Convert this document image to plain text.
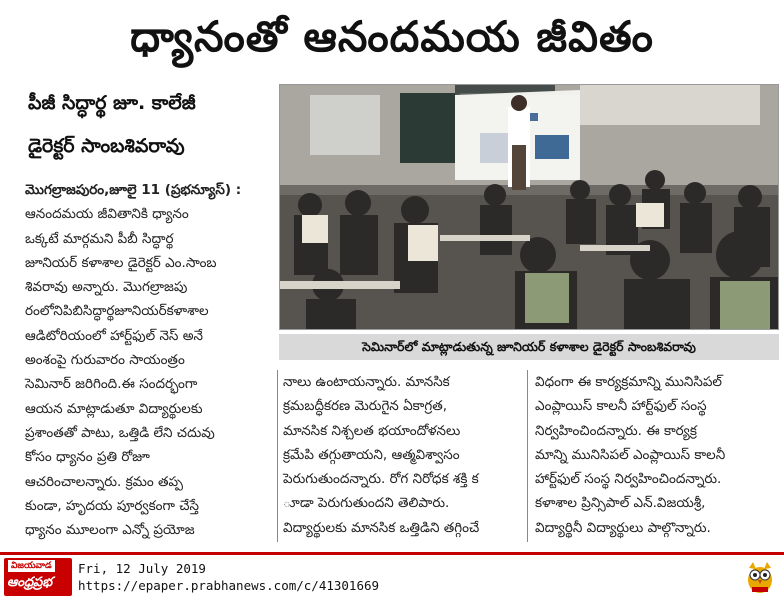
ధ్యానంతో ఆనందమయ జీవితం
పీజీ సిద్ధార్థ జూ. కాలేజీ
డైరెక్టర్ సాంబశివరావు
సెమినార్‌లో మాట్లాడుతున్న జూనియర్ కళాశాల డైరెక్టర్ సాంబశివరావు

మొగల్రాజపురం,జూలై 11 (ప్రభన్యూస్) :

ఆనందమయ జీవితానికి ధ్యానం

ఒక్కటే మార్గమని పీబీ సిద్ధార్థ

జూనియర్ కళాశాల డైరెక్టర్ ఎం.సాంబ

శివరావు అన్నారు. మొగల్రాజపు

రంలోనిపిబిసిద్ధార్థజూనియర్‌కళాశాల

ఆడిటోరియంలో హార్ట్‌ఫుల్ నెస్ అనే

అంశంపై గురువారం సాయంత్రం

సెమినార్ జరిగింది.ఈ సందర్భంగా

ఆయన మాట్లాడుతూ విద్యార్థులకు

ప్రశాంతతో పాటు, ఒత్తిడి లేని చదువు

కోసం ధ్యానం ప్రతి రోజూ

ఆచరించాలన్నారు. క్రమం తప్ప

కుండా, హృదయ పూర్వకంగా చేస్తే

ధ్యానం మూలంగా ఎన్నో ప్రయోజ

నాలు ఉంటాయన్నారు. మానసిక

క్రమబద్ధీకరణ మెరుగైన ఏకాగ్రత,

మానసిక నిశ్చలత భయాందోళనలు

క్రమేపి తగ్గుతాయని, ఆత్మవిశ్వాసం

పెరుగుతుందన్నారు. రోగ నిరోధక శక్తి క

ూడా పెరుగుతుందని తెలిపారు.

విద్యార్థులకు మానసిక ఒత్తిడిని తగ్గించే

విధంగా ఈ కార్యక్రమాన్ని మునిసిపల్

ఎంప్లాయిస్ కాలనీ హార్ట్‌ఫుల్ సంస్థ

నిర్వహించిందన్నారు. ఈ కార్యక్ర

మాన్ని మునిసిపల్ ఎంప్లాయిస్ కాలనీ

హార్ట్‌ఫుల్ సంస్థ నిర్వహించిందన్నారు.

కళాశాల ప్రిన్సిపాల్ ఎన్.విజయశ్రీ,

విద్యార్థినీ విద్యార్థులు పాల్గొన్నారు.

విజయవాడ
ఆంధ్రప్రభ
Fri, 12 July 2019
https://epaper.prabhanews.com/c/41301669
